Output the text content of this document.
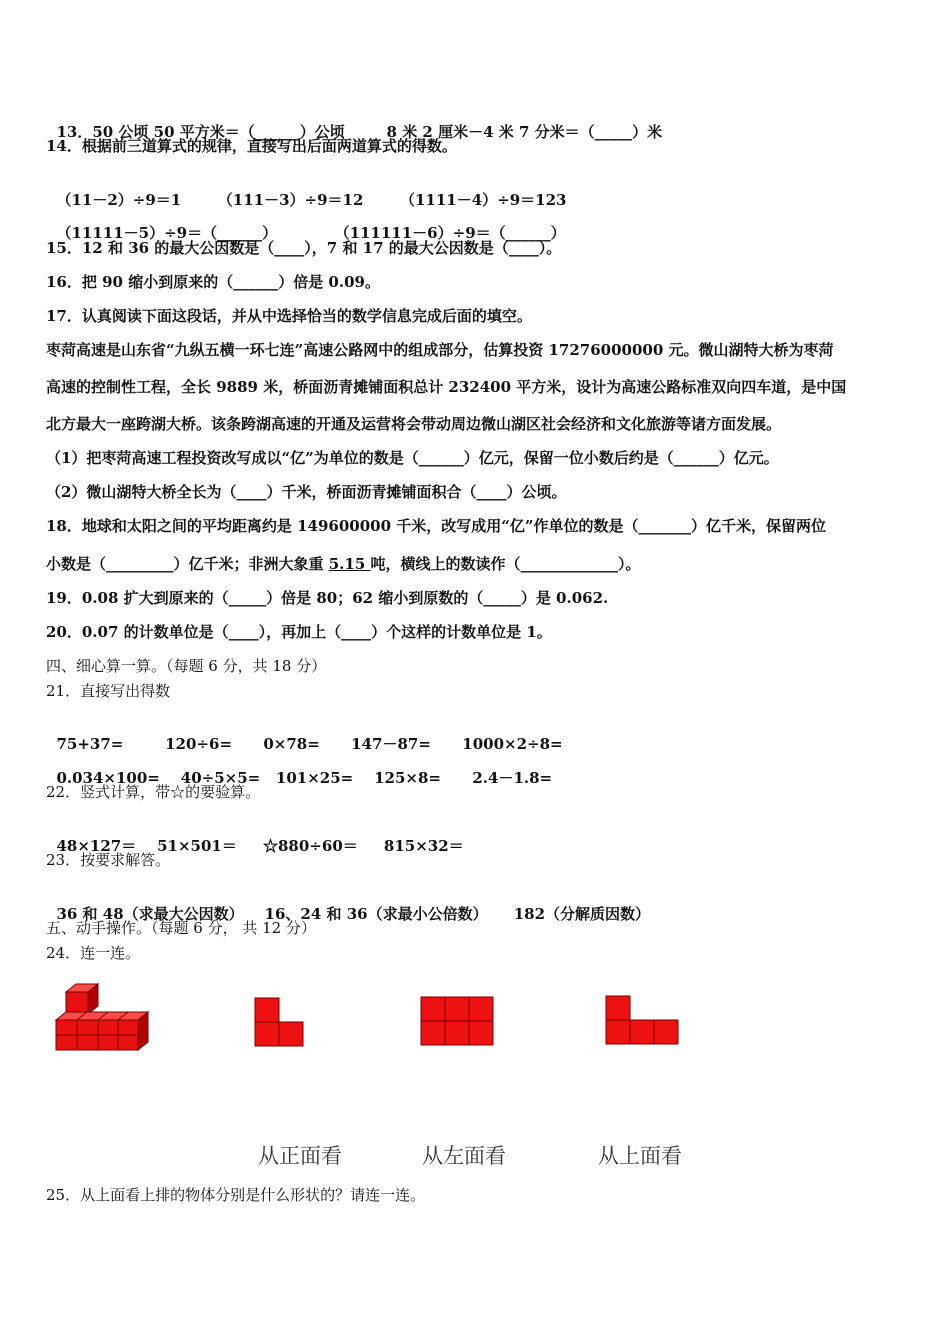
13．50 公顷 50 平方米＝（______）公顷	8 米 2 厘米－4 米 7 分米＝（_____）米

14．根据前三道算式的规律，直接写出后面两道算式的得数。

（11－2）÷9＝1 （111－3）÷9＝12 （1111－4）÷9＝123

（11111－5）÷9＝（______）	（111111－6）÷9＝（______）

15．12 和 36 的最大公因数是（____），7 和 17 的最大公因数是（____）。
16．把 90 缩小到原来的（______）倍是 0.09。
17．认真阅读下面这段话，并从中选择恰当的数学信息完成后面的填空。
枣菏高速是山东省“九纵五横一环七连”高速公路网中的组成部分，估算投资 17276000000 元。微山湖特大桥为枣菏
高速的控制性工程，全长 9889 米，桥面沥青摊铺面积总计 232400 平方米，设计为高速公路标准双向四车道，是中国
北方最大一座跨湖大桥。该条跨湖高速的开通及运营将会带动周边微山湖区社会经济和文化旅游等诸方面发展。
（1）把枣菏高速工程投资改写成以“亿”为单位的数是（______）亿元，保留一位小数后约是（______）亿元。
（2）微山湖特大桥全长为（____）千米，桥面沥青摊铺面积合（____）公顷。
18．地球和太阳之间的平均距离约是 149600000 千米，改写成用“亿”作单位的数是（_______）亿千米，保留两位
小数是（_________）亿千米；非洲大象重 5.15 吨，横线上的数读作（_____________）。
19．0.08 扩大到原来的（_____）倍是 80；62 缩小到原数的（_____）是 0.062.
20．0.07 的计数单位是（____），再加上（____）个这样的计数单位是 1。
四、细心算一算。（每题 6 分，共 18 分）
21．直接写出得数

75+37=	120÷6= 0×78= 147－87= 1000×2÷8=

0.034×100= 40÷5×5= 101×25= 125×8= 2.4－1.8=

22．竖式计算，带☆的要验算。

48×127＝ 51×501＝ ☆880÷60＝ 815×32＝

23．按要求解答。

36 和 48（求最大公因数） 16、24 和 36（求最小公倍数） 182（分解质因数）

五、动手操作。（每题 6 分， 共 12 分）
24．连一连。
从正面看	从左面看	从上面看
25．从上面看上排的物体分别是什么形状的？请连一连。
